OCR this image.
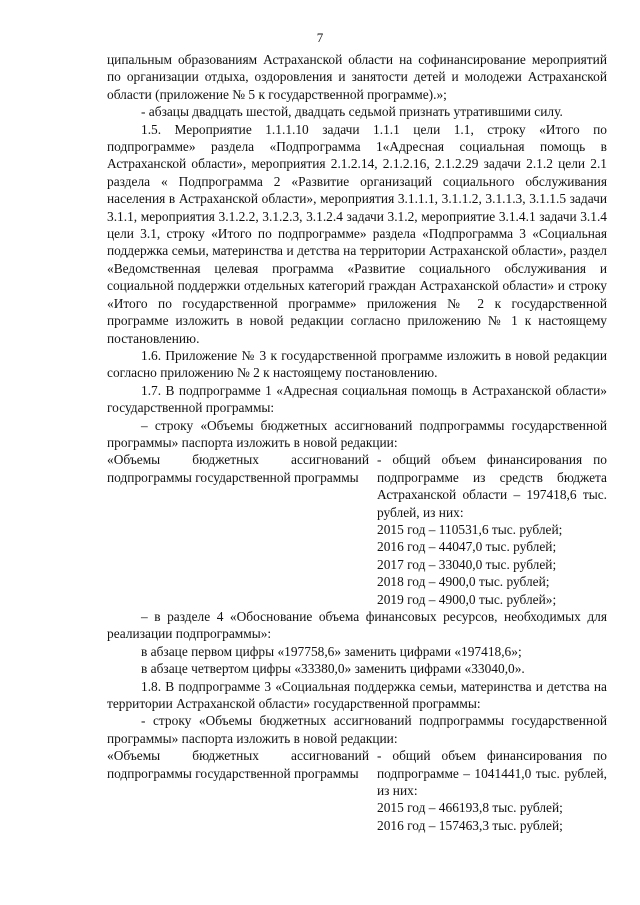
7

ципальным образованиям Астраханской области на софинансирование мероприятий по организации отдыха, оздоровления и занятости детей и молодежи Астраханской области (приложение № 5 к государственной программе).»;

- абзацы двадцать шестой, двадцать седьмой признать утратившими силу.

1.5. Мероприятие 1.1.1.10 задачи 1.1.1 цели 1.1, строку «Итого по подпрограмме» раздела «Подпрограмма 1«Адресная социальная помощь в Астраханской области», мероприятия 2.1.2.14, 2.1.2.16, 2.1.2.29 задачи 2.1.2 цели 2.1 раздела « Подпрограмма 2 «Развитие организаций социального обслуживания населения в Астраханской области», мероприятия 3.1.1.1, 3.1.1.2, 3.1.1.3, 3.1.1.5 задачи 3.1.1, мероприятия 3.1.2.2, 3.1.2.3, 3.1.2.4 задачи 3.1.2, мероприятие 3.1.4.1 задачи 3.1.4 цели 3.1, строку «Итого по подпрограмме» раздела «Подпрограмма 3 «Социальная поддержка семьи, материнства и детства на территории Астраханской области», раздел «Ведомственная целевая программа «Развитие социального обслуживания и социальной поддержки отдельных категорий граждан Астраханской области» и строку «Итого по государственной программе» приложения № 2 к государственной программе изложить в новой редакции согласно приложению № 1 к настоящему постановлению.

1.6. Приложение № 3 к государственной программе изложить в новой редакции согласно приложению № 2 к настоящему постановлению.

1.7. В подпрограмме 1 «Адресная социальная помощь в Астраханской области» государственной программы:

– строку «Объемы бюджетных ассигнований подпрограммы государственной программы» паспорта изложить в новой редакции:

«Объемы бюджетных ассигнований подпрограммы государственной программы
- общий объем финансирования по подпрограмме из средств бюджета Астраханской области – 197418,6 тыс. рублей, из них:
2015 год – 110531,6 тыс. рублей;
2016 год – 44047,0 тыс. рублей;
2017 год – 33040,0 тыс. рублей;
2018 год – 4900,0 тыс. рублей;
2019 год – 4900,0 тыс. рублей»;

– в разделе 4 «Обоснование объема финансовых ресурсов, необходимых для реализации подпрограммы»:

в абзаце первом цифры «197758,6» заменить цифрами «197418,6»;

в абзаце четвертом цифры «33380,0» заменить цифрами «33040,0».

1.8. В подпрограмме 3 «Социальная поддержка семьи, материнства и детства на территории Астраханской области» государственной программы:

- строку «Объемы бюджетных ассигнований подпрограммы государственной программы» паспорта изложить в новой редакции:

«Объемы бюджетных ассигнований подпрограммы государственной программы
- общий объем финансирования по подпрограмме – 1041441,0 тыс. рублей, из них:
2015 год – 466193,8 тыс. рублей;
2016 год – 157463,3 тыс. рублей;
